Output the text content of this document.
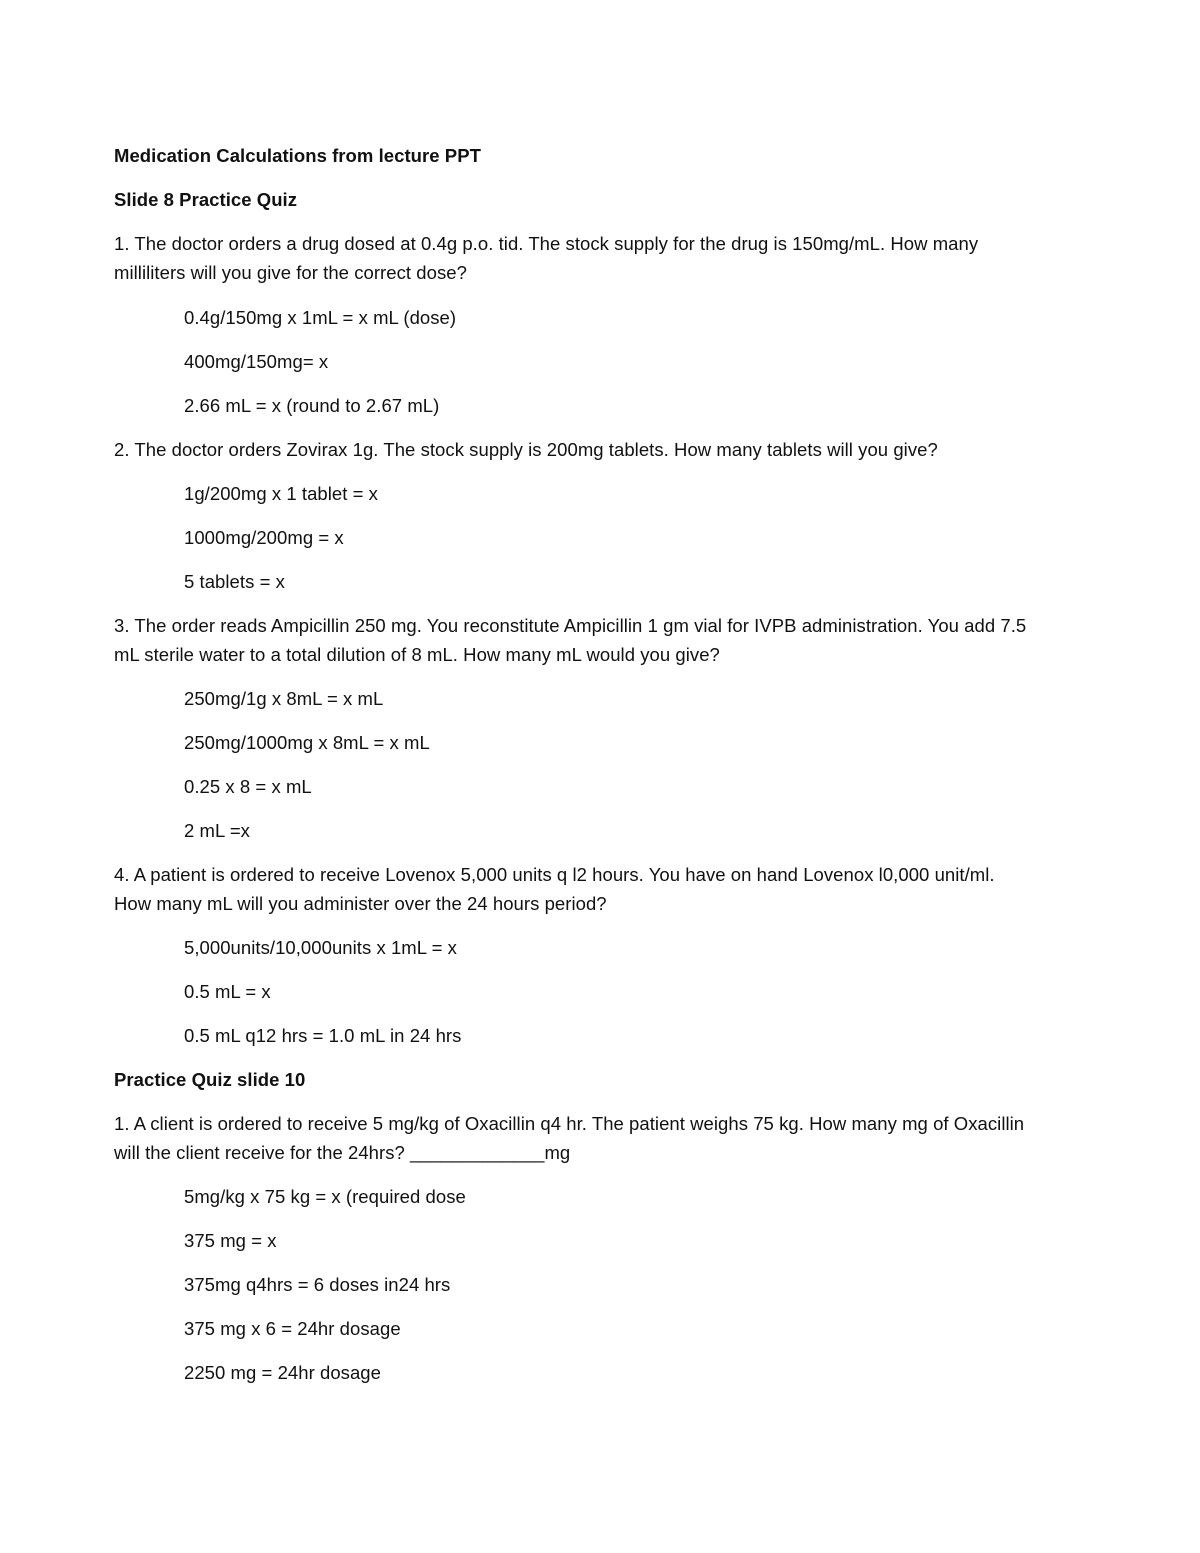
Medication Calculations from lecture PPT
Slide 8 Practice Quiz
1. The doctor orders a drug dosed at 0.4g p.o. tid. The stock supply for the drug is 150mg/mL. How many
milliliters will you give for the correct dose?
0.4g/150mg x 1mL = x mL (dose)
400mg/150mg= x
2.66 mL = x (round to 2.67 mL)
2. The doctor orders Zovirax 1g. The stock supply is 200mg tablets. How many tablets will you give?
1g/200mg x 1 tablet = x
1000mg/200mg = x
5 tablets = x
3. The order reads Ampicillin 250 mg. You reconstitute Ampicillin 1 gm vial for IVPB administration. You add 7.5
mL sterile water to a total dilution of 8 mL. How many mL would you give?
250mg/1g x 8mL = x mL
250mg/1000mg x 8mL = x mL
0.25 x 8 = x mL
2 mL =x
4. A patient is ordered to receive Lovenox 5,000 units q l2 hours. You have on hand Lovenox l0,000 unit/ml.
How many mL will you administer over the 24 hours period?
5,000units/10,000units x 1mL = x
0.5 mL = x
0.5 mL q12 hrs = 1.0 mL in 24 hrs
Practice Quiz slide 10
1. A client is ordered to receive 5 mg/kg of Oxacillin q4 hr. The patient weighs 75 kg. How many mg of Oxacillin
will the client receive for the 24hrs? _____________mg
5mg/kg x 75 kg = x (required dose
375 mg = x
375mg q4hrs = 6 doses in24 hrs
375 mg x 6 = 24hr dosage
2250 mg = 24hr dosage
